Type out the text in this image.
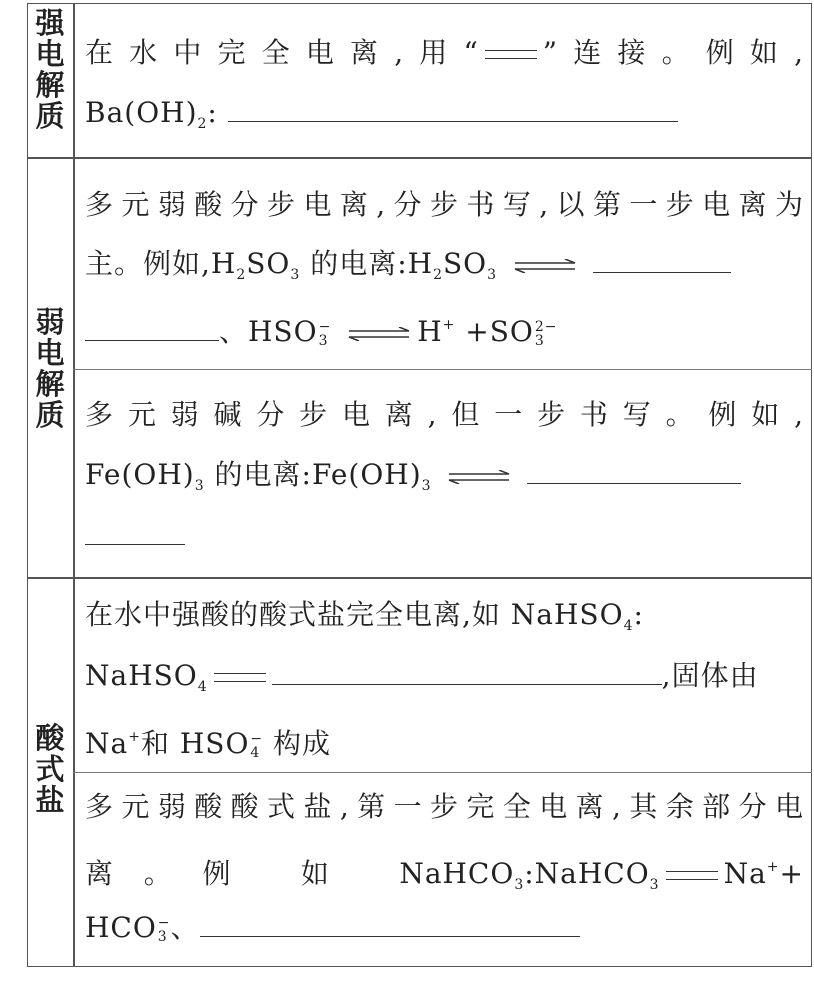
强
电
解
质
弱
电
解
质
酸
式
盐
在水中完全电离,用“ ”连接。例如,
$Ba(OH)_2$:
多元弱酸分步电离,分步书写,以第一步电离为
主。例如$,H_2SO_3$ 的电离$:H_2SO_3$
、HSO −
3 ⇌ H+ +SO 2−
3
多元弱碱分步电离,但一步书写。例如,
$Fe(OH)_3$ 的电离$:Fe(OH)_3$
在水中强酸的酸式盐完全电离,如 NaHSO$_4$:
NaHSO$_4$	,固体由
Na+和 HSO −
4 构成
多元弱酸酸式盐,第一步完全电离,其余部分电
离。例 如 NaHCO$_3$:NaHCO$_3$ Na++
HCO −
3 、
